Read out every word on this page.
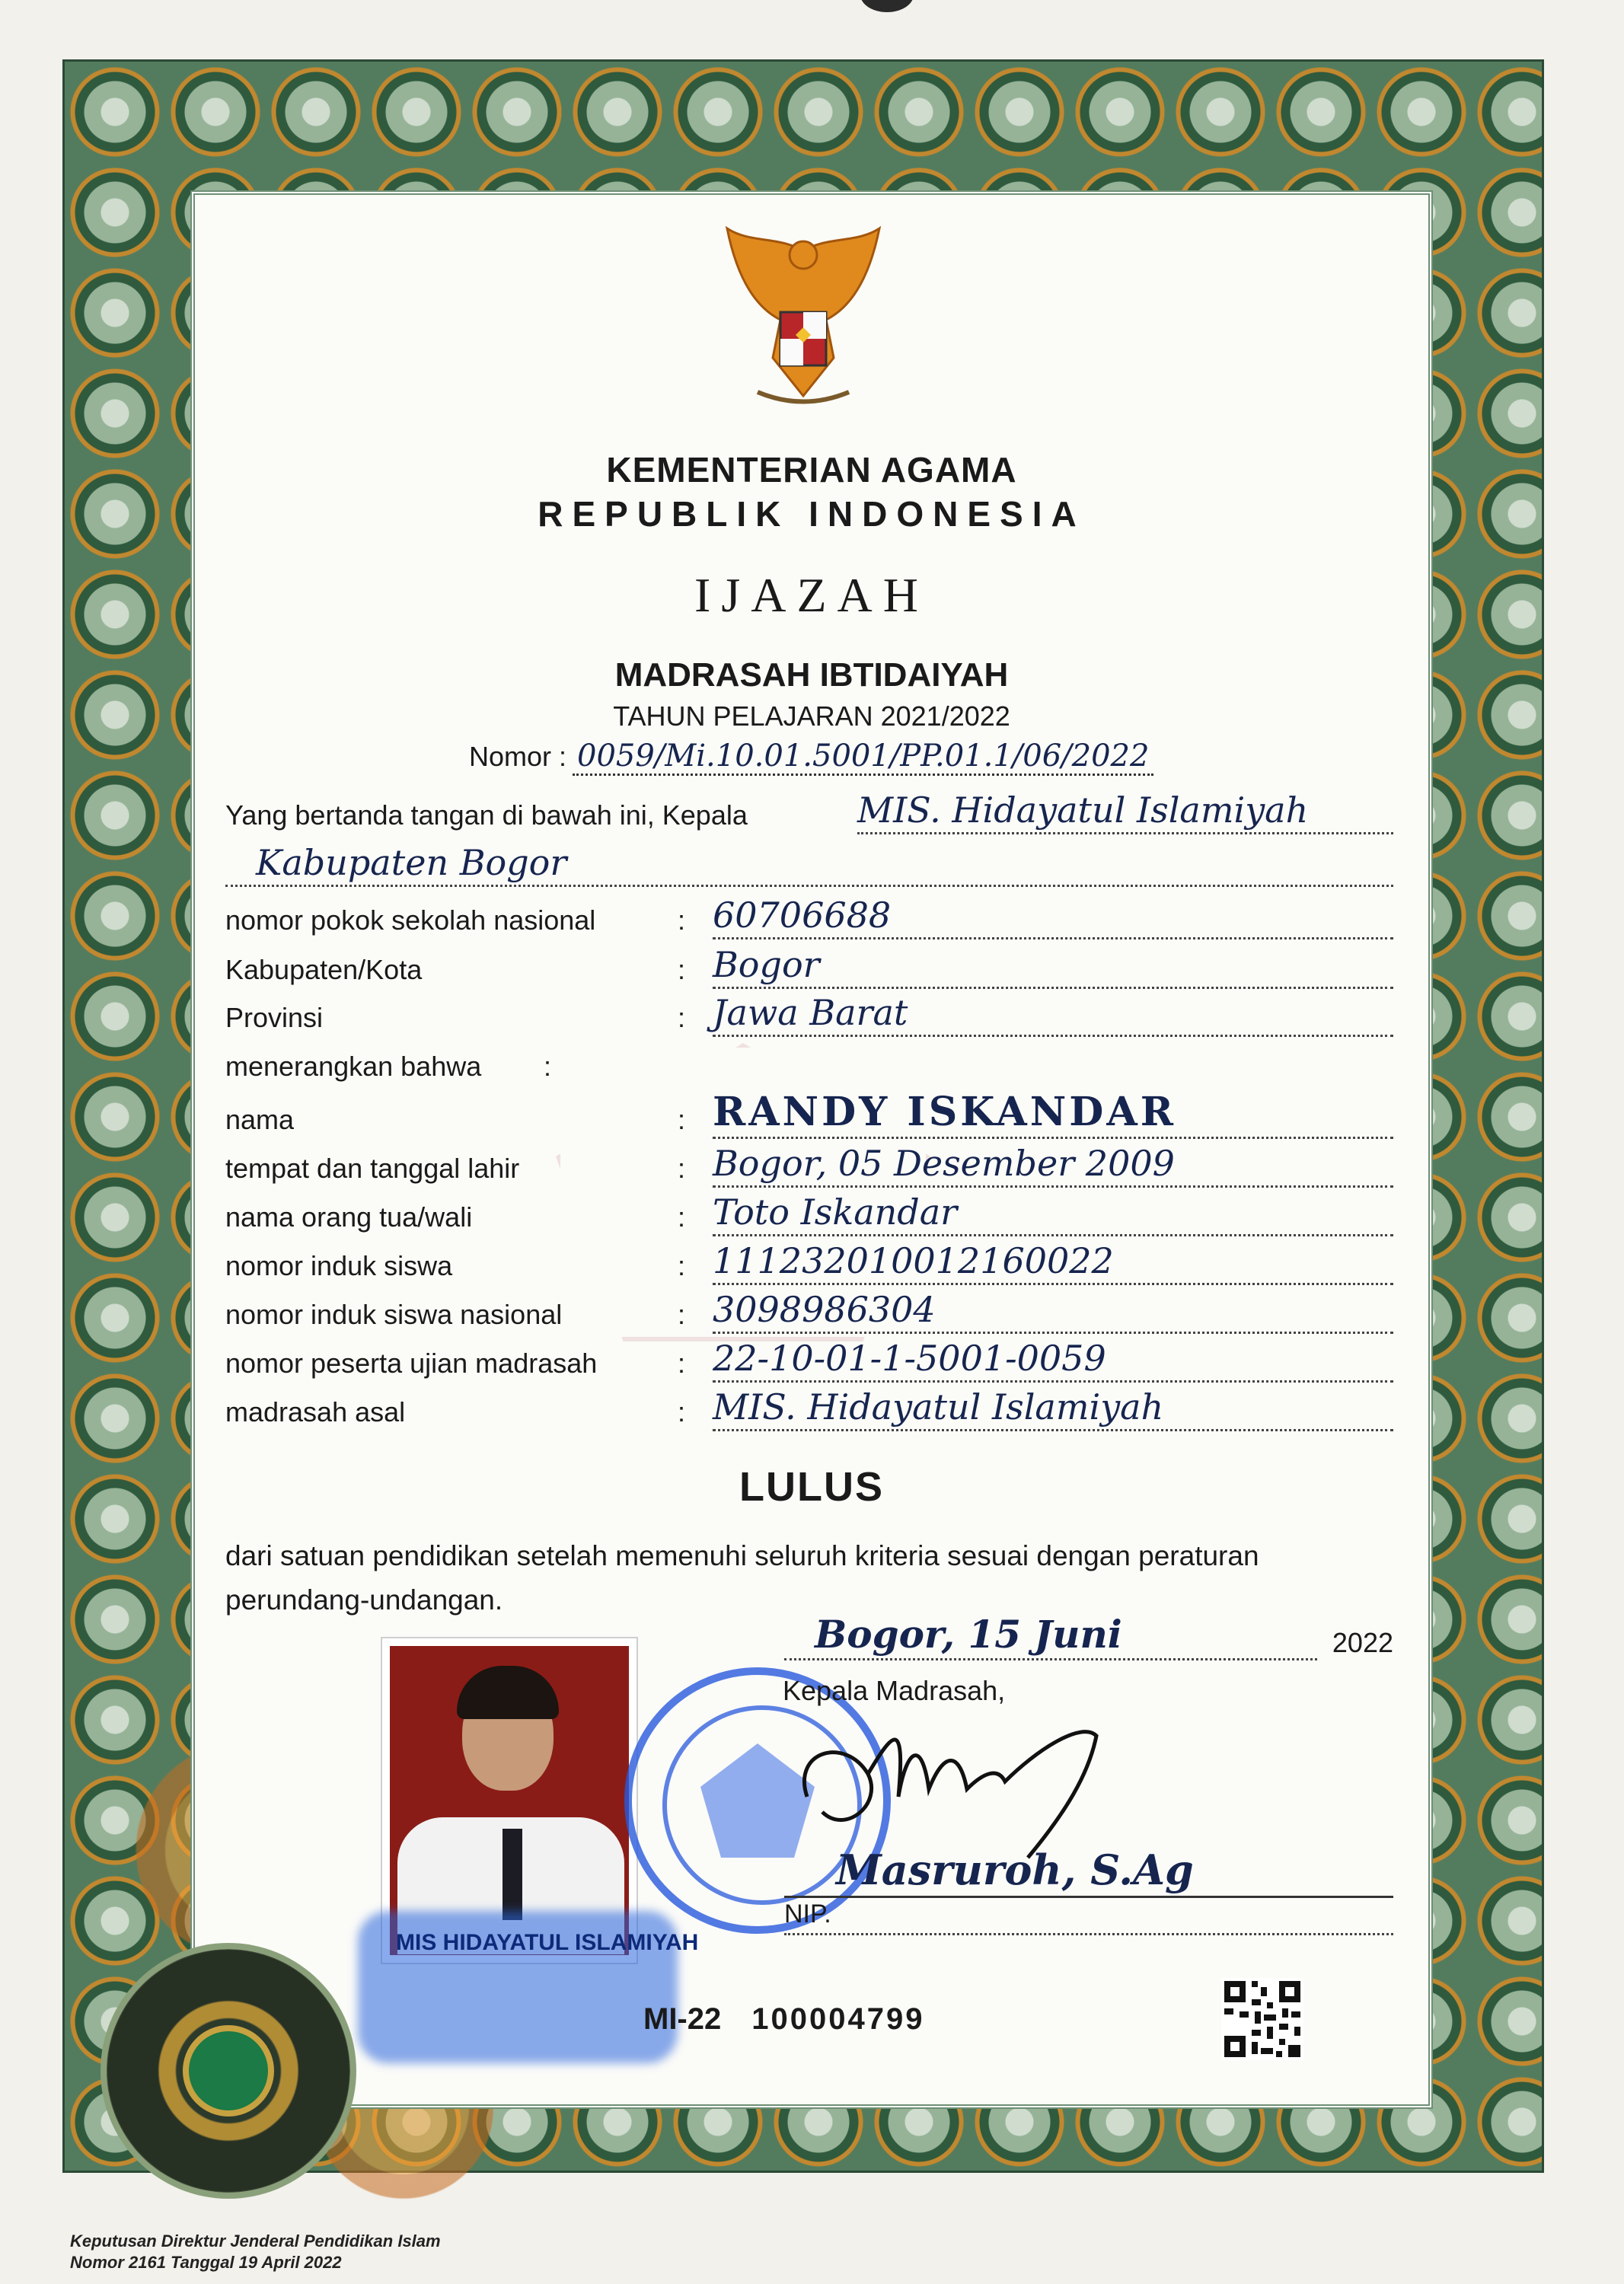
KEMENTERIAN AGAMA
REPUBLIK INDONESIA
IJAZAH
MADRASAH IBTIDAIYAH
TAHUN PELAJARAN 2021/2022
Nomor : 0059/Mi.10.01.5001/PP.01.1/06/2022
Yang bertanda tangan di bawah ini, Kepala	MIS. Hidayatul Islamiyah
Kabupaten Bogor
nomor pokok sekolah nasional	: 60706688
Kabupaten/Kota	: Bogor
Provinsi	: Jawa Barat
menerangkan bahwa :
nama	: RANDY ISKANDAR
tempat dan tanggal lahir	: Bogor, 05 Desember 2009
nama orang tua/wali	: Toto Iskandar
nomor induk siswa	: 111232010012160022
nomor induk siswa nasional	: 3098986304
nomor peserta ujian madrasah	: 22-10-01-1-5001-0059
madrasah asal	: MIS. Hidayatul Islamiyah
LULUS
dari satuan pendidikan setelah memenuhi seluruh kriteria sesuai dengan peraturan perundang-undangan.
MIS HIDAYATUL ISLAMIYAH
Bogor, 15 Juni	2022
Kepala Madrasah,
Masruroh, S.Ag
NIP.
MI-22 100004799
Keputusan Direktur Jenderal Pendidikan Islam
Nomor 2161 Tanggal 19 April 2022
